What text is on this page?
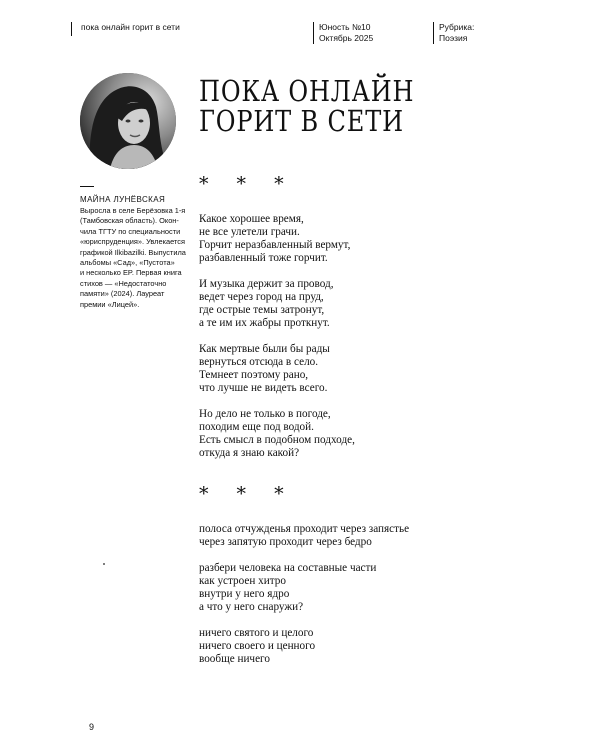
пока онлайн горит в сети	Юность №10
Октябрь 2025
Рубрика:
Поэзия
ПОКА ОНЛАЙН
ГОРИТ В СЕТИ
МАЙНА ЛУНЁВСКАЯ
Выросла в селе Берёзовка 1-я
(Тамбовская область). Окон-
чила ТГТУ по специальности
«юриспруденция». Увлекается
графикой Ilkibazilki. Выпустила
альбомы «Сад», «Пустота»
и несколько EP. Первая книга
стихов — «Недостаточно
памяти» (2024). Лауреат
премии «Лицей».
* * *
Какое хорошее время,
не все улетели грачи.
Горчит неразбавленный вермут,
разбавленный тоже горчит.
И музыка держит за провод,
ведет через город на пруд,
где острые темы затронут,
а те им их жабры проткнут.
Как мертвые были бы рады
вернуться отсюда в село.
Темнеет поэтому рано,
что лучше не видеть всего.
Но дело не только в погоде,
походим еще под водой.
Есть смысл в подобном подходе,
откуда я знаю какой?
* * *
полоса отчужденья проходит через запястье
через запятую проходит через бедро
разбери человека на составные части
как устроен хитро
внутри у него ядро
а что у него снаружи?
ничего святого и целого
ничего своего и ценного
вообще ничего
9
